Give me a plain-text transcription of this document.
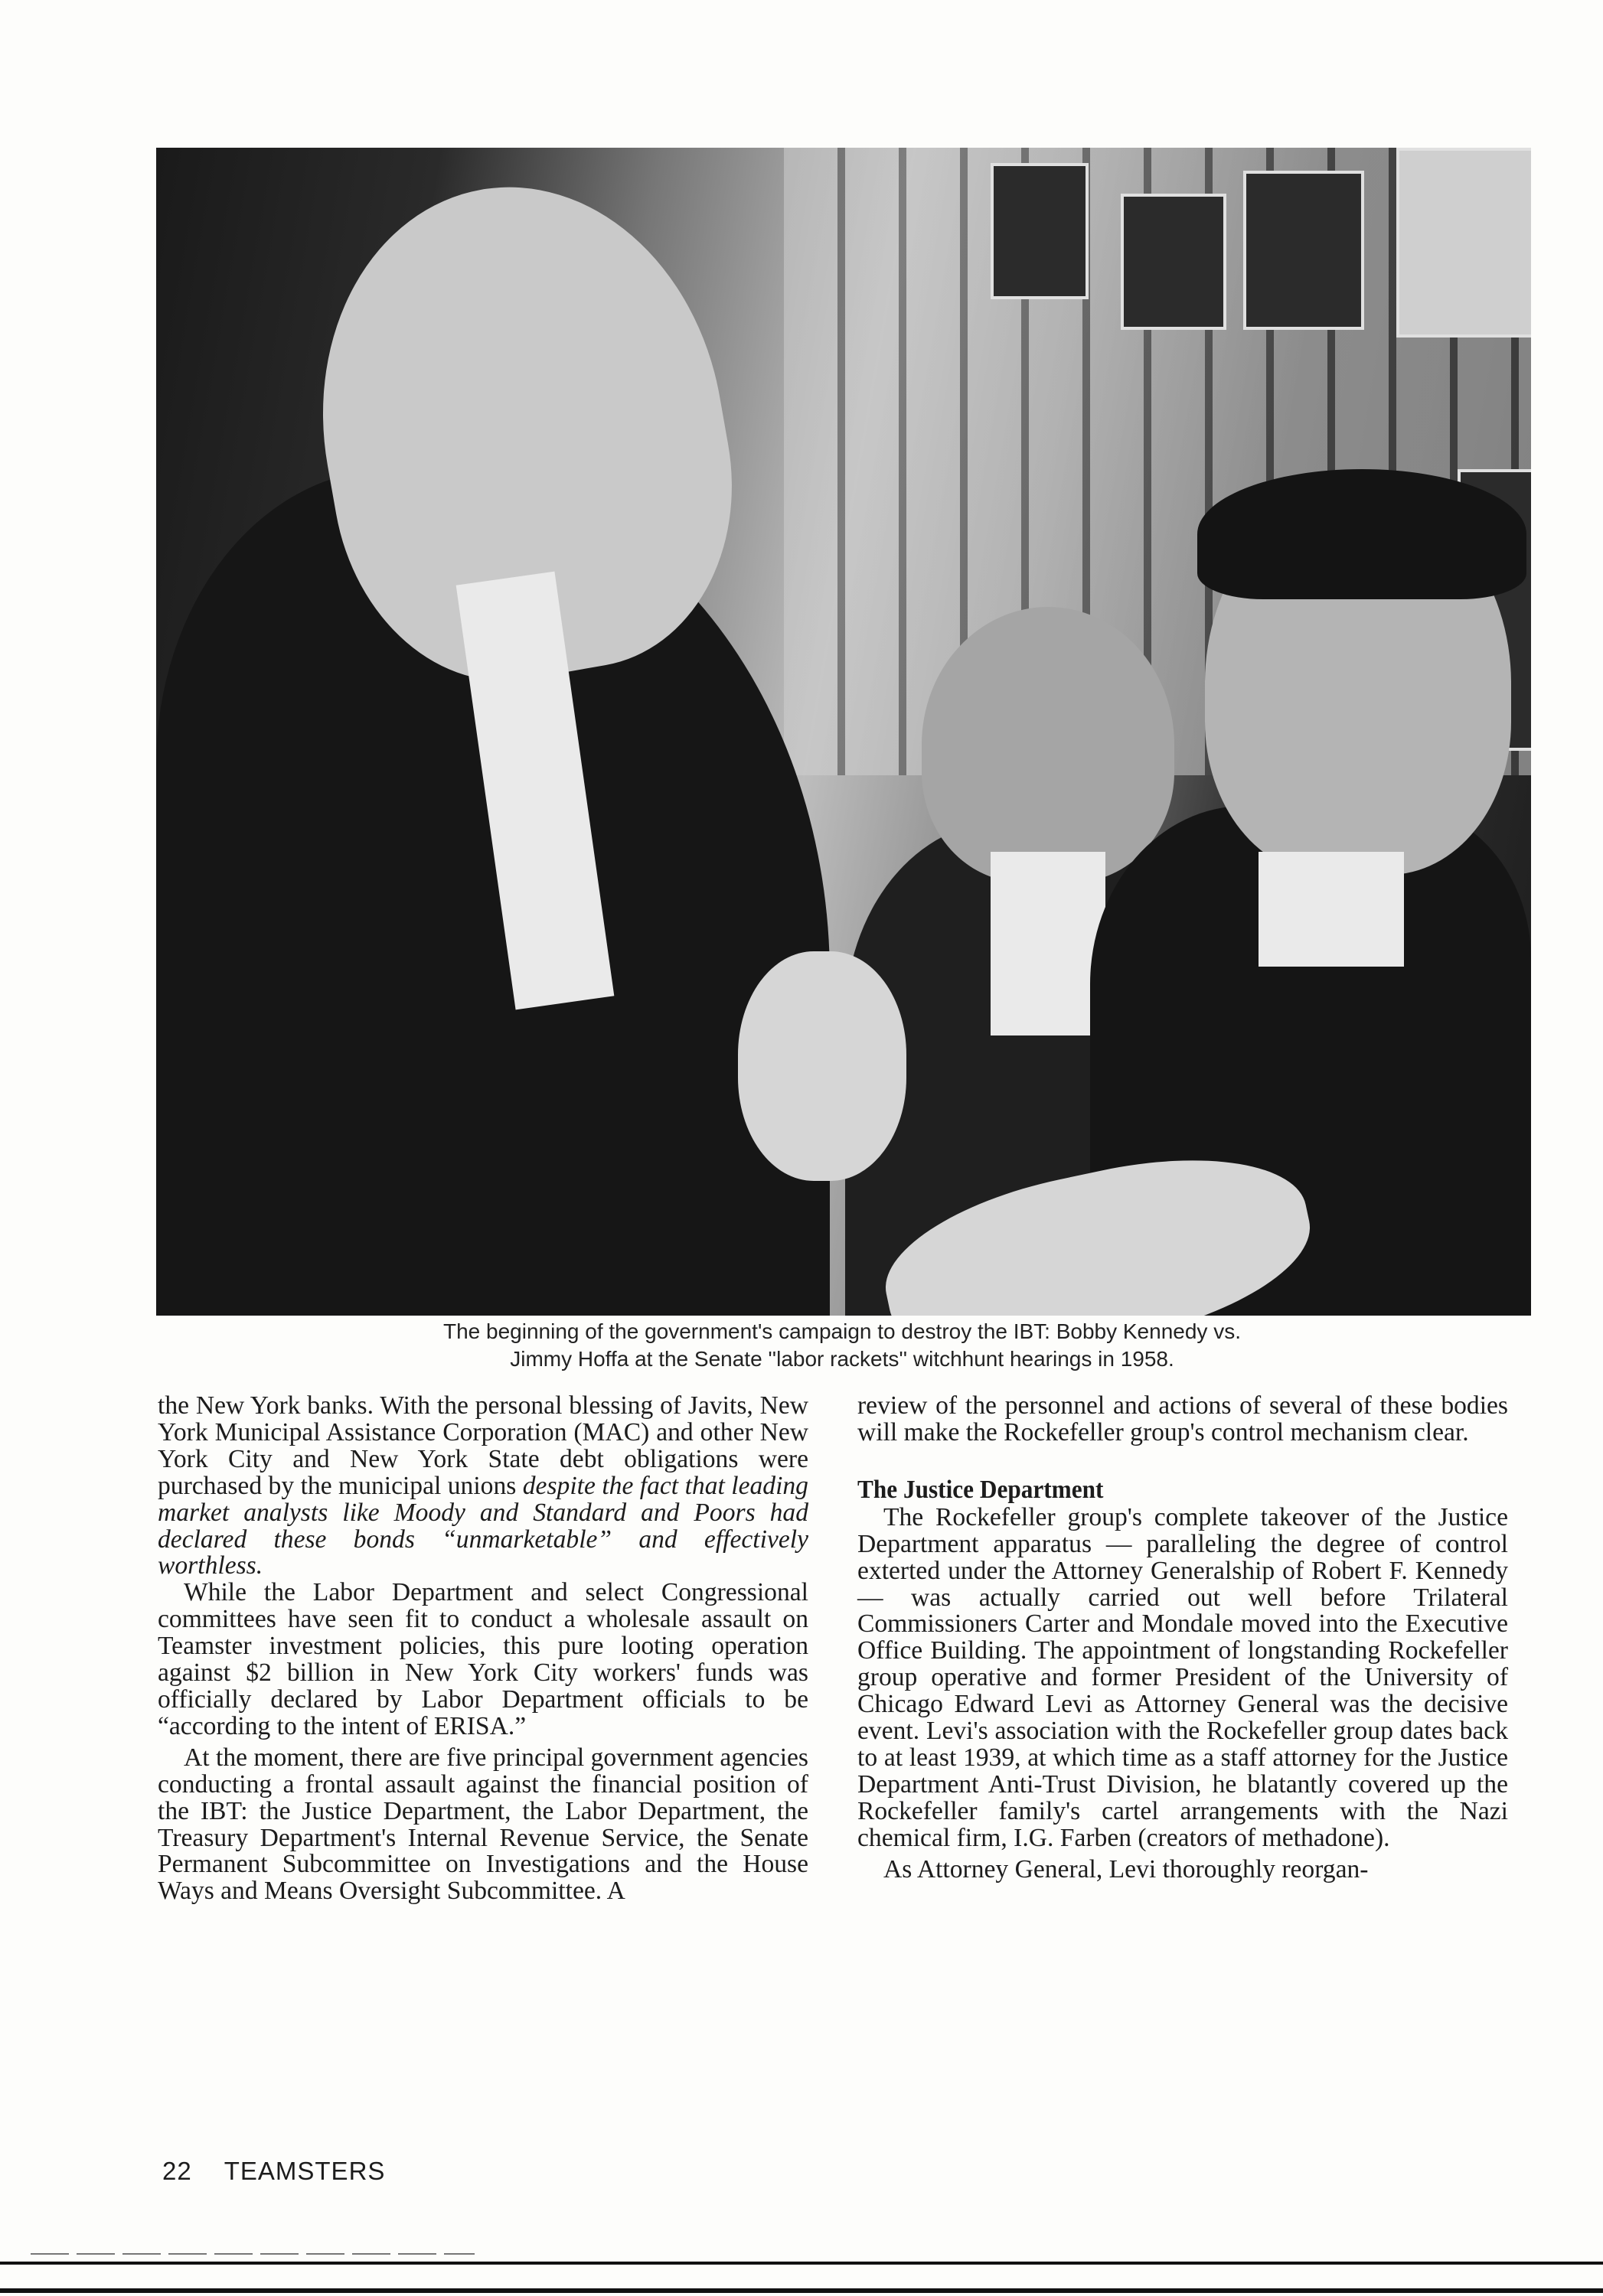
The beginning of the government's campaign to destroy the IBT: Bobby Kennedy vs.

Jimmy Hoffa at the Senate ''labor rackets'' witchhunt hearings in 1958.

the New York banks. With the personal blessing of Javits, New York Municipal Assistance Corporation (MAC) and other New York City and New York State debt obligations were purchased by the municipal unions despite the fact that leading market analysts like Moody and Standard and Poors had declared these bonds “unmarketable” and effectively worthless.

While the Labor Department and select Congressional committees have seen fit to conduct a wholesale assault on Teamster investment policies, this pure looting operation against $2 billion in New York City workers' funds was officially declared by Labor Department officials to be “according to the intent of ERISA.”

At the moment, there are five principal government agencies conducting a frontal assault against the financial position of the IBT: the Justice Department, the Labor Department, the Treasury Department's Internal Revenue Service, the Senate Permanent Subcommittee on Investigations and the House Ways and Means Oversight Subcommittee. A

review of the personnel and actions of several of these bodies will make the Rockefeller group's control mechanism clear.

The Justice Department

The Rockefeller group's complete takeover of the Justice Department apparatus — paralleling the degree of control exterted under the Attorney Generalship of Robert F. Kennedy — was actually carried out well before Trilateral Commissioners Carter and Mondale moved into the Executive Office Building. The appointment of longstanding Rockefeller group operative and former President of the University of Chicago Edward Levi as Attorney General was the decisive event. Levi's association with the Rockefeller group dates back to at least 1939, at which time as a staff attorney for the Justice Department Anti-Trust Division, he blatantly covered up the Rockefeller family's cartel arrangements with the Nazi chemical firm, I.G. Farben (creators of methadone).

As Attorney General, Levi thoroughly reorgan-

22 TEAMSTERS
